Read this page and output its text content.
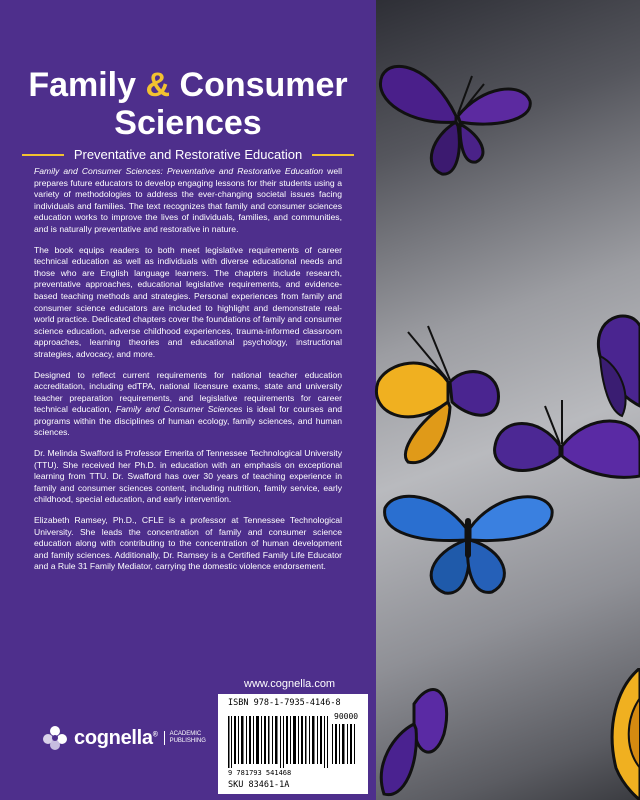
Family & Consumer
Sciences
Preventative and Restorative Education

Family and Consumer Sciences: Preventative and Restorative Education well prepares future educators to develop engaging lessons for their students using a variety of methodologies to address the ever-changing societal issues facing individuals and families. The text recognizes that family and consumer sciences education works to improve the lives of individuals, families, and communities, and is naturally preventative and restorative in nature.

The book equips readers to both meet legislative requirements of career technical education as well as individuals with diverse educational needs and those who are English language learners. The chapters include research, preventative approaches, educational legislative requirements, and evidence-based teaching methods and strategies. Personal experiences from family and consumer science educators are included to highlight and demonstrate real-world practice. Dedicated chapters cover the foundations of family and consumer science education, adverse childhood experiences, trauma-informed classroom approaches, learning theories and educational psychology, instructional strategies, advocacy, and more.

Designed to reflect current requirements for national teacher education accreditation, including edTPA, national licensure exams, state and university teacher preparation requirements, and legislative requirements for career technical education, Family and Consumer Sciences is ideal for courses and programs within the disciplines of human ecology, family sciences, and human sciences.

Dr. Melinda Swafford is Professor Emerita of Tennessee Technological University (TTU). She received her Ph.D. in education with an emphasis on exceptional learning from TTU. Dr. Swafford has over 30 years of teaching experience in family and consumer sciences content, including nutrition, family service, early childhood, special education, and early intervention.

Elizabeth Ramsey, Ph.D., CFLE is a professor at Tennessee Technological University. She leads the concentration of family and consumer science education along with contributing to the concentration of human development and family sciences. Additionally, Dr. Ramsey is a Certified Family Life Educator and a Rule 31 Family Mediator, carrying the domestic violence endorsement.

www.cognella.com
cognella®	ACADEMIC
PUBLISHING
ISBN 978-1-7935-4146-8
90000
9 781793 541468
SKU 83461-1A
